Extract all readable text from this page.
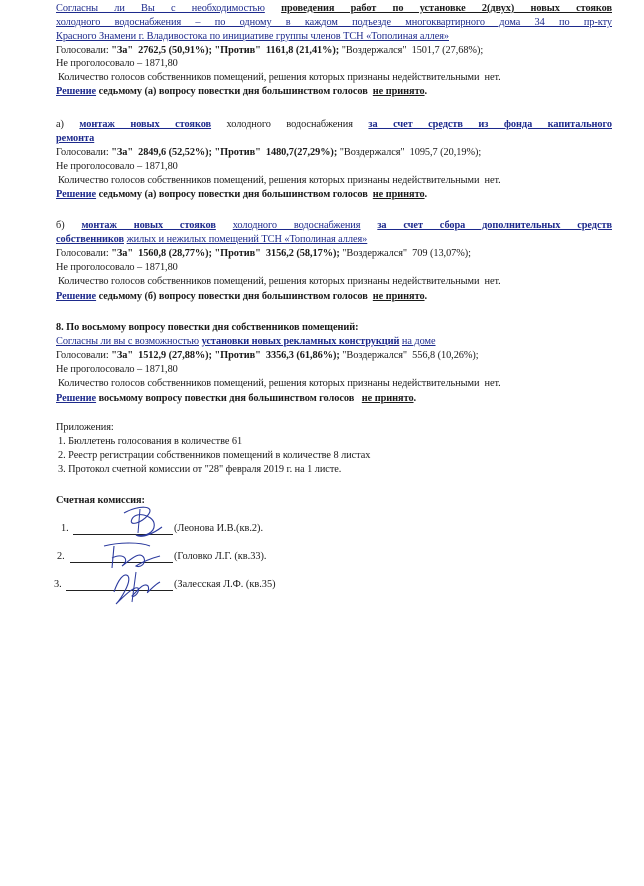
Согласны ли Вы с необходимостью проведения работ по установке 2(двух) новых стояков
холодного водоснабжения – по одному в каждом подъезде многоквартирного дома 34 по пр-кту
Красного Знамени г. Владивостока по инициативе группы членов ТСН «Тополиная аллея»
Голосовали: "За" 2762,5 (50,91%); "Против" 1161,8 (21,41%); "Воздержался" 1501,7 (27,68%);
Не проголосовало – 1871,80
Количество голосов собственников помещений, решения которых признаны недействительными нет.
Решение седьмому (а) вопросу повестки дня большинством голосов не принято.
а) монтаж новых стояков холодного водоснабжения за счет средств из фонда капитального
ремонта
Голосовали: "За" 2849,6 (52,52%); "Против" 1480,7(27,29%); "Воздержался" 1095,7 (20,19%);
Не проголосовало – 1871,80
Количество голосов собственников помещений, решения которых признаны недействительными нет.
Решение седьмому (а) вопросу повестки дня большинством голосов не принято.
б) монтаж новых стояков холодного водоснабжения за счет сбора дополнительных средств
собственников жилых и нежилых помещений ТСН «Тополиная аллея»
Голосовали: "За" 1560,8 (28,77%); "Против" 3156,2 (58,17%); "Воздержался" 709 (13,07%);
Не проголосовало – 1871,80
Количество голосов собственников помещений, решения которых признаны недействительными нет.
Решение седьмому (б) вопросу повестки дня большинством голосов не принято.
8. По восьмому вопросу повестки дня собственников помещений:
Согласны ли вы с возможностью установки новых рекламных конструкций на доме
Голосовали: "За" 1512,9 (27,88%); "Против" 3356,3 (61,86%); "Воздержался" 556,8 (10,26%);
Не проголосовало – 1871,80
Количество голосов собственников помещений, решения которых признаны недействительными нет.
Решение восьмому вопросу повестки дня большинством голосов не принято.
Приложения:
1. Бюллетень голосования в количестве 61
2. Реестр регистрации собственников помещений в количестве 8 листах
3. Протокол счетной комиссии от "28" февраля 2019 г. на 1 листе.
Счетная комиссия:
1.	(Леонова И.В.(кв.2).
2.	(Головко Л.Г. (кв.33).
3.	(Залесская Л.Ф. (кв.35)
